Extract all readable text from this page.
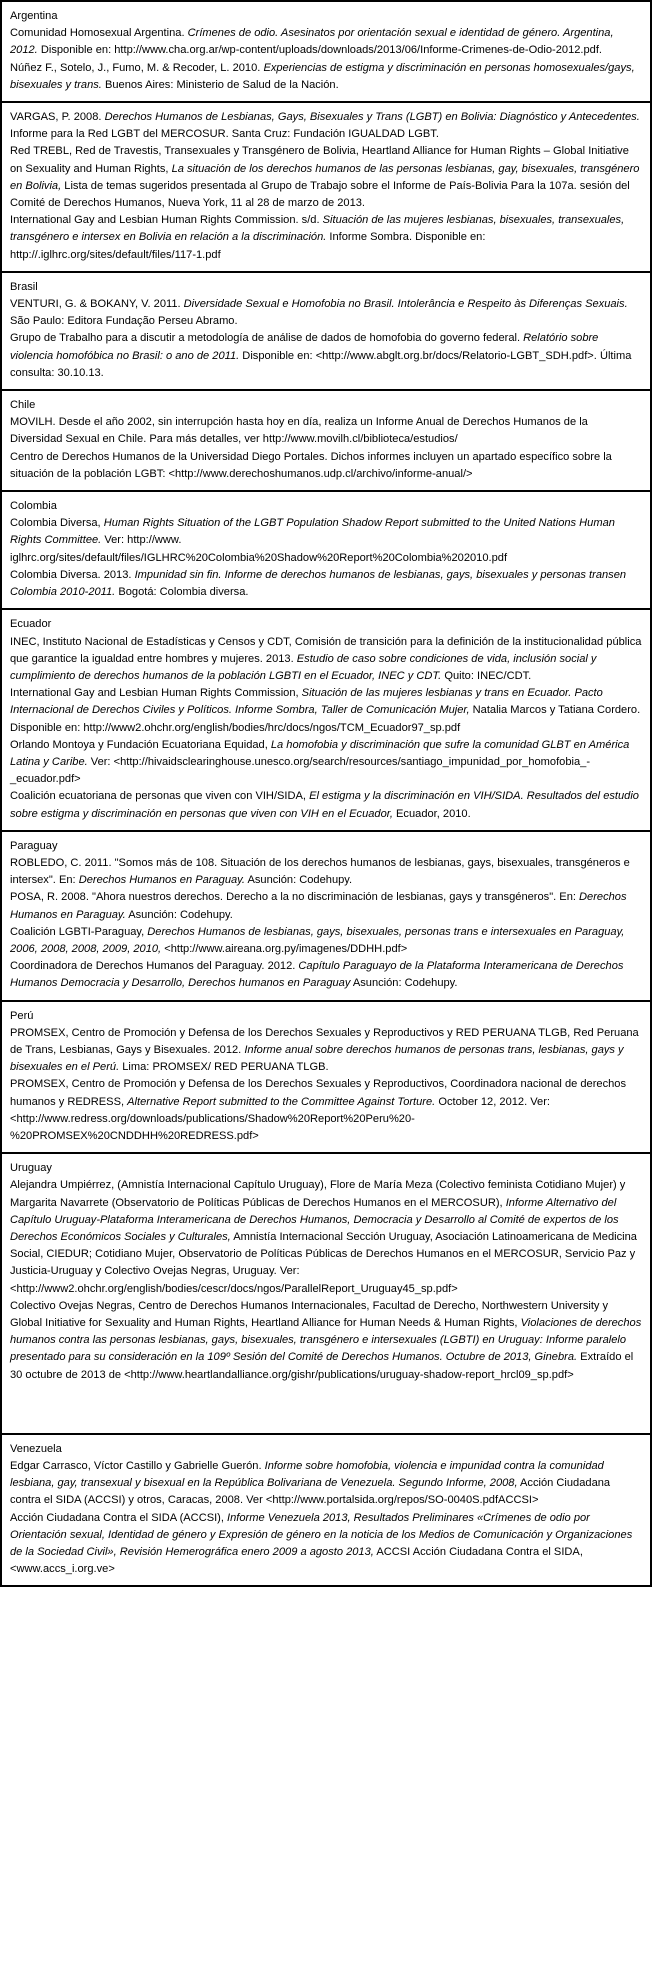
Argentina
Comunidad Homosexual Argentina. Crímenes de odio. Asesinatos por orientación sexual e identidad de género. Argentina, 2012. Disponible en: http://www.cha.org.ar/wp-content/uploads/downloads/2013/06/Informe-Crimenes-de-Odio-2012.pdf.
Núñez F., Sotelo, J., Fumo, M. & Recoder, L. 2010. Experiencias de estigma y discriminación en personas homosexuales/gays, bisexuales y trans. Buenos Aires: Ministerio de Salud de la Nación.

VARGAS, P. 2008. Derechos Humanos de Lesbianas, Gays, Bisexuales y Trans (LGBT) en Bolivia: Diagnóstico y Antecedentes. Informe para la Red LGBT del MERCOSUR. Santa Cruz: Fundación IGUALDAD LGBT.
Red TREBL, Red de Travestis, Transexuales y Transgénero de Bolivia, Heartland Alliance for Human Rights – Global Initiative on Sexuality and Human Rights, La situación de los derechos humanos de las personas lesbianas, gay, bisexuales, transgénero en Bolivia, Lista de temas sugeridos presentada al Grupo de Trabajo sobre el Informe de País-Bolivia Para la 107a. sesión del Comité de Derechos Humanos, Nueva York, 11 al 28 de marzo de 2013.
International Gay and Lesbian Human Rights Commission. s/d. Situación de las mujeres lesbianas, bisexuales, transexuales, transgénero e intersex en Bolivia en relación a la discriminación. Informe Sombra. Disponible en: http://.iglhrc.org/sites/default/files/117-1.pdf

Brasil
VENTURI, G. & BOKANY, V. 2011. Diversidade Sexual e Homofobia no Brasil. Intolerância e Respeito às Diferenças Sexuais. São Paulo: Editora Fundação Perseu Abramo.
Grupo de Trabalho para a discutir a metodología de análise de dados de homofobia do governo federal. Relatório sobre violencia homofóbica no Brasil: o ano de 2011. Disponible en: <http://www.abglt.org.br/docs/Relatorio-LGBT_SDH.pdf>. Última consulta: 30.10.13.

Chile
MOVILH. Desde el año 2002, sin interrupción hasta hoy en día, realiza un Informe Anual de Derechos Humanos de la Diversidad Sexual en Chile. Para más detalles, ver http://www.movilh.cl/biblioteca/estudios/
Centro de Derechos Humanos de la Universidad Diego Portales. Dichos informes incluyen un apartado específico sobre la situación de la población LGBT: <http://www.derechoshumanos.udp.cl/archivo/informe-anual/>

Colombia
Colombia Diversa, Human Rights Situation of the LGBT Population Shadow Report submitted to the United Nations Human Rights Committee. Ver: http://www. iglhrc.org/sites/default/files/IGLHRC%20Colombia%20Shadow%20Report%20Colombia%202010.pdf
Colombia Diversa. 2013. Impunidad sin fin. Informe de derechos humanos de lesbianas, gays, bisexuales y personas transen Colombia 2010-2011. Bogotá: Colombia diversa.

Ecuador
INEC, Instituto Nacional de Estadísticas y Censos y CDT, Comisión de transición para la definición de la institucionalidad pública que garantice la igualdad entre hombres y mujeres. 2013. Estudio de caso sobre condiciones de vida, inclusión social y cumplimiento de derechos humanos de la población LGBTI en el Ecuador, INEC y CDT. Quito: INEC/CDT.
International Gay and Lesbian Human Rights Commission, Situación de las mujeres lesbianas y trans en Ecuador. Pacto Internacional de Derechos Civiles y Políticos. Informe Sombra, Taller de Comunicación Mujer, Natalia Marcos y Tatiana Cordero. Disponible en: http://www2.ohchr.org/english/bodies/hrc/docs/ngos/TCM_Ecuador97_sp.pdf
Orlando Montoya y Fundación Ecuatoriana Equidad, La homofobia y discriminación que sufre la comunidad GLBT en América Latina y Caribe. Ver: <http://hivaidsclearinghouse.unesco.org/search/resources/santiago_impunidad_por_homofobia_-_ecuador.pdf>
Coalición ecuatoriana de personas que viven con VIH/SIDA, El estigma y la discriminación en VIH/SIDA. Resultados del estudio sobre estigma y discriminación en personas que viven con VIH en el Ecuador, Ecuador, 2010.

Paraguay
ROBLEDO, C. 2011. "Somos más de 108. Situación de los derechos humanos de lesbianas, gays, bisexuales, transgéneros e intersex". En: Derechos Humanos en Paraguay. Asunción: Codehupy.
POSA, R. 2008. "Ahora nuestros derechos. Derecho a la no discriminación de lesbianas, gays y transgéneros". En: Derechos Humanos en Paraguay. Asunción: Codehupy.
Coalición LGBTI-Paraguay, Derechos Humanos de lesbianas, gays, bisexuales, personas trans e intersexuales en Paraguay, 2006, 2008, 2008, 2009, 2010, <http://www.aireana.org.py/imagenes/DDHH.pdf>
Coordinadora de Derechos Humanos del Paraguay. 2012. Capítulo Paraguayo de la Plataforma Interamericana de Derechos Humanos Democracia y Desarrollo, Derechos humanos en Paraguay Asunción: Codehupy.

Perú
PROMSEX, Centro de Promoción y Defensa de los Derechos Sexuales y Reproductivos y RED PERUANA TLGB, Red Peruana de Trans, Lesbianas, Gays y Bisexuales. 2012. Informe anual sobre derechos humanos de personas trans, lesbianas, gays y bisexuales en el Perú. Lima: PROMSEX/ RED PERUANA TLGB.
PROMSEX, Centro de Promoción y Defensa de los Derechos Sexuales y Reproductivos, Coordinadora nacional de derechos humanos y REDRESS, Alternative Report submitted to the Committee Against Torture. October 12, 2012. Ver: <http://www.redress.org/downloads/publications/Shadow%20Report%20Peru%20-%20PROMSEX%20CNDDHH%20REDRESS.pdf>

Uruguay
Alejandra Umpiérrez, (Amnistía Internacional Capítulo Uruguay), Flore de María Meza (Colectivo feminista Cotidiano Mujer) y Margarita Navarrete (Observatorio de Políticas Públicas de Derechos Humanos en el MERCOSUR), Informe Alternativo del Capítulo Uruguay-Plataforma Interamericana de Derechos Humanos, Democracia y Desarrollo al Comité de expertos de los Derechos Económicos Sociales y Culturales, Amnistía Internacional Sección Uruguay, Asociación Latinoamericana de Medicina Social, CIEDUR; Cotidiano Mujer, Observatorio de Políticas Públicas de Derechos Humanos en el MERCOSUR, Servicio Paz y Justicia-Uruguay y Colectivo Ovejas Negras, Uruguay. Ver: <http://www2.ohchr.org/english/bodies/cescr/docs/ngos/ParallelReport_Uruguay45_sp.pdf>
Colectivo Ovejas Negras, Centro de Derechos Humanos Internacionales, Facultad de Derecho, Northwestern University y Global Initiative for Sexuality and Human Rights, Heartland Alliance for Human Needs & Human Rights, Violaciones de derechos humanos contra las personas lesbianas, gays, bisexuales, transgénero e intersexuales (LGBTI) en Uruguay: Informe paralelo presentado para su consideración en la 109º Sesión del Comité de Derechos Humanos. Octubre de 2013, Ginebra. Extraído el 30 octubre de 2013 de <http://www.heartlandalliance.org/gishr/publications/uruguay-shadow-report_hrcl09_sp.pdf>

Venezuela
Edgar Carrasco, Víctor Castillo y Gabrielle Guerón. Informe sobre homofobia, violencia e impunidad contra la comunidad lesbiana, gay, transexual y bisexual en la República Bolivariana de Venezuela. Segundo Informe, 2008, Acción Ciudadana contra el SIDA (ACCSI) y otros, Caracas, 2008. Ver <http://www.portalsida.org/repos/SO-0040S.pdfACCSI>
Acción Ciudadana Contra el SIDA (ACCSI), Informe Venezuela 2013, Resultados Preliminares «Crímenes de odio por Orientación sexual, Identidad de género y Expresión de género en la noticia de los Medios de Comunicación y Organizaciones de la Sociedad Civil», Revisión Hemerográfica enero 2009 a agosto 2013, ACCSI Acción Ciudadana Contra el SIDA, <www.accs_i.org.ve>
